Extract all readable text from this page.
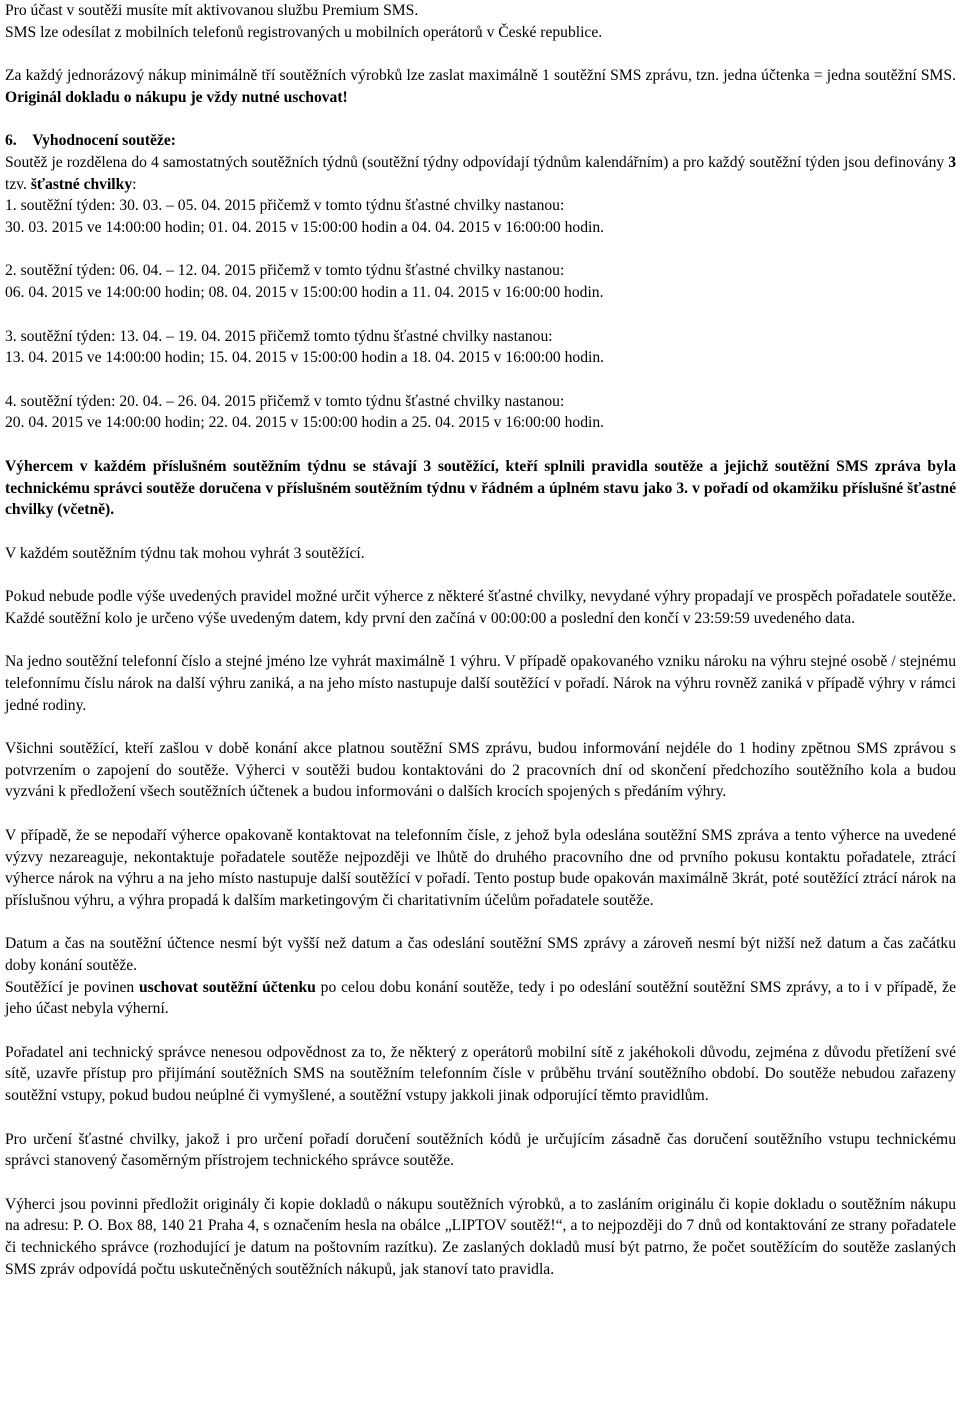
Pro účast v soutěži musíte mít aktivovanou službu Premium SMS.

SMS lze odesílat z mobilních telefonů registrovaných u mobilních operátorů v České republice.

Za každý jednorázový nákup minimálně tří soutěžních výrobků lze zaslat maximálně 1 soutěžní SMS zprávu, tzn. jedna účtenka = jedna soutěžní SMS. Originál dokladu o nákupu je vždy nutné uschovat!

6. Vyhodnocení soutěže:

Soutěž je rozdělena do 4 samostatných soutěžních týdnů (soutěžní týdny odpovídají týdnům kalendářním) a pro každý soutěžní týden jsou definovány 3 tzv. šťastné chvilky:

1. soutěžní týden: 30. 03. – 05. 04. 2015 přičemž v tomto týdnu šťastné chvilky nastanou:

30. 03. 2015 ve 14:00:00 hodin; 01. 04. 2015 v 15:00:00 hodin a 04. 04. 2015 v 16:00:00 hodin.

2. soutěžní týden: 06. 04. – 12. 04. 2015 přičemž v tomto týdnu šťastné chvilky nastanou:

06. 04. 2015 ve 14:00:00 hodin; 08. 04. 2015 v 15:00:00 hodin a 11. 04. 2015 v 16:00:00 hodin.

3. soutěžní týden: 13. 04. – 19. 04. 2015 přičemž tomto týdnu šťastné chvilky nastanou:

13. 04. 2015 ve 14:00:00 hodin; 15. 04. 2015 v 15:00:00 hodin a 18. 04. 2015 v 16:00:00 hodin.

4. soutěžní týden: 20. 04. – 26. 04. 2015 přičemž v tomto týdnu šťastné chvilky nastanou:

20. 04. 2015 ve 14:00:00 hodin; 22. 04. 2015 v 15:00:00 hodin a 25. 04. 2015 v 16:00:00 hodin.

Výhercem v každém příslušném soutěžním týdnu se stávají 3 soutěžící, kteří splnili pravidla soutěže a jejichž soutěžní SMS zpráva byla technickému správci soutěže doručena v příslušném soutěžním týdnu v řádném a úplném stavu jako 3. v pořadí od okamžiku příslušné šťastné chvilky (včetně).

V každém soutěžním týdnu tak mohou vyhrát 3 soutěžící.

Pokud nebude podle výše uvedených pravidel možné určit výherce z některé šťastné chvilky, nevydané výhry propadají ve prospěch pořadatele soutěže. Každé soutěžní kolo je určeno výše uvedeným datem, kdy první den začíná v 00:00:00 a poslední den končí v 23:59:59 uvedeného data.

Na jedno soutěžní telefonní číslo a stejné jméno lze vyhrát maximálně 1 výhru. V případě opakovaného vzniku nároku na výhru stejné osobě / stejnému telefonnímu číslu nárok na další výhru zaniká, a na jeho místo nastupuje další soutěžící v pořadí. Nárok na výhru rovněž zaniká v případě výhry v rámci jedné rodiny.

Všichni soutěžící, kteří zašlou v době konání akce platnou soutěžní SMS zprávu, budou informování nejdéle do 1 hodiny zpětnou SMS zprávou s potvrzením o zapojení do soutěže. Výherci v soutěži budou kontaktováni do 2 pracovních dní od skončení předchozího soutěžního kola a budou vyzváni k předložení všech soutěžních účtenek a budou informováni o dalších krocích spojených s předáním výhry.

V případě, že se nepodaří výherce opakovaně kontaktovat na telefonním čísle, z jehož byla odeslána soutěžní SMS zpráva a tento výherce na uvedené výzvy nezareaguje, nekontaktuje pořadatele soutěže nejpozději ve lhůtě do druhého pracovního dne od prvního pokusu kontaktu pořadatele, ztrácí výherce nárok na výhru a na jeho místo nastupuje další soutěžící v pořadí. Tento postup bude opakován maximálně 3krát, poté soutěžící ztrácí nárok na příslušnou výhru, a výhra propadá k dalším marketingovým či charitativním účelům pořadatele soutěže.

Datum a čas na soutěžní účtence nesmí být vyšší než datum a čas odeslání soutěžní SMS zprávy a zároveň nesmí být nižší než datum a čas začátku doby konání soutěže.

Soutěžící je povinen uschovat soutěžní účtenku po celou dobu konání soutěže, tedy i po odeslání soutěžní soutěžní SMS zprávy, a to i v případě, že jeho účast nebyla výherní.

Pořadatel ani technický správce nenesou odpovědnost za to, že některý z operátorů mobilní sítě z jakéhokoli důvodu, zejména z důvodu přetížení své sítě, uzavře přístup pro přijímání soutěžních SMS na soutěžním telefonním čísle v průběhu trvání soutěžního období. Do soutěže nebudou zařazeny soutěžní vstupy, pokud budou neúplné či vymyšlené, a soutěžní vstupy jakkoli jinak odporující těmto pravidlům.

Pro určení šťastné chvilky, jakož i pro určení pořadí doručení soutěžních kódů je určujícím zásadně čas doručení soutěžního vstupu technickému správci stanovený časoměrným přístrojem technického správce soutěže.

Výherci jsou povinni předložit originály či kopie dokladů o nákupu soutěžních výrobků, a to zasláním originálu či kopie dokladu o soutěžním nákupu na adresu: P. O. Box 88, 140 21 Praha 4, s označením hesla na obálce „LIPTOV soutěž!“, a to nejpozději do 7 dnů od kontaktování ze strany pořadatele či technického správce (rozhodující je datum na poštovním razítku). Ze zaslaných dokladů musí být patrno, že počet soutěžícím do soutěže zaslaných SMS zpráv odpovídá počtu uskutečněných soutěžních nákupů, jak stanoví tato pravidla.
